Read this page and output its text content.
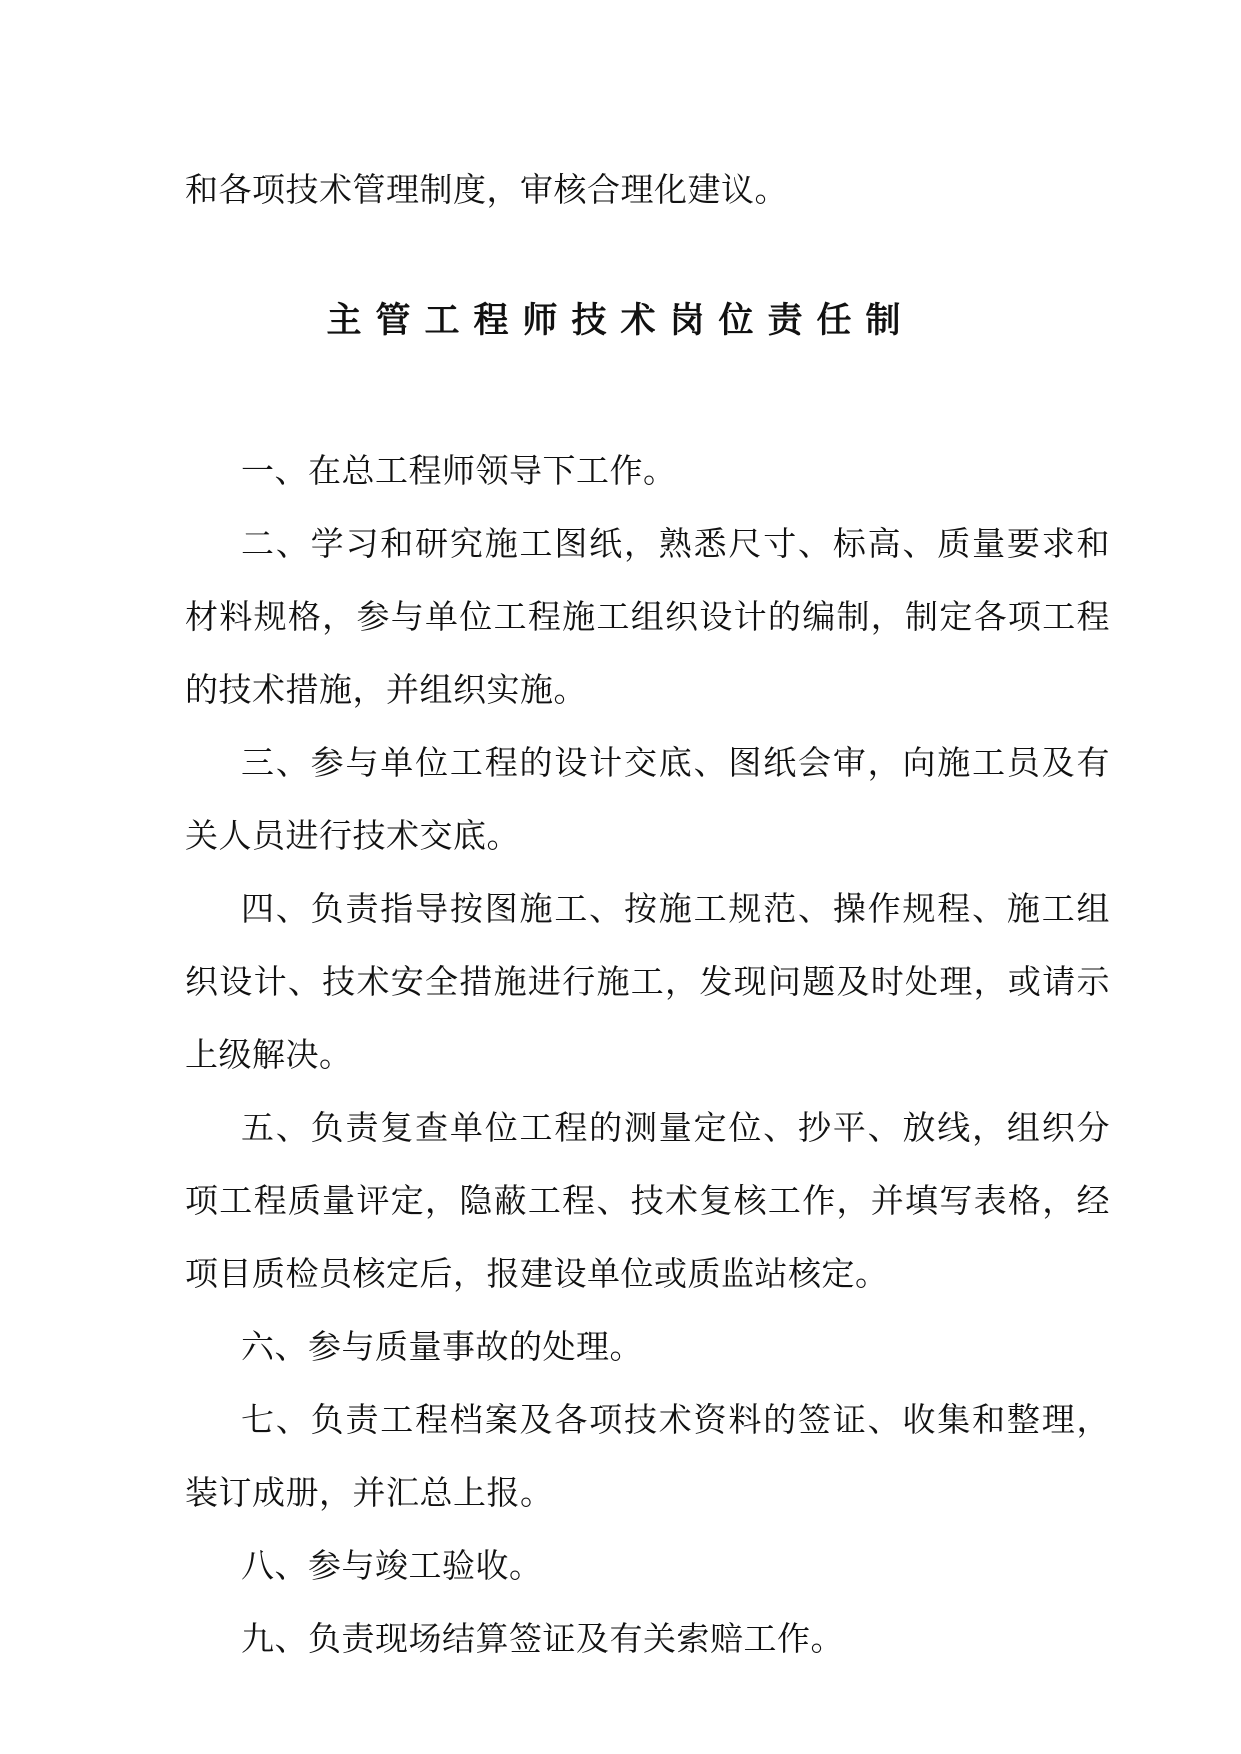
和各项技术管理制度，审核合理化建议。

主管工程师技术岗位责任制

一、在总工程师领导下工作。

二、学习和研究施工图纸，熟悉尺寸、标高、质量要求和材料规格，参与单位工程施工组织设计的编制，制定各项工程的技术措施，并组织实施。

三、参与单位工程的设计交底、图纸会审，向施工员及有关人员进行技术交底。

四、负责指导按图施工、按施工规范、操作规程、施工组织设计、技术安全措施进行施工，发现问题及时处理，或请示上级解决。

五、负责复查单位工程的测量定位、抄平、放线，组织分项工程质量评定，隐蔽工程、技术复核工作，并填写表格，经项目质检员核定后，报建设单位或质监站核定。

六、参与质量事故的处理。

七、负责工程档案及各项技术资料的签证、收集和整理，装订成册，并汇总上报。

八、参与竣工验收。

九、负责现场结算签证及有关索赔工作。
